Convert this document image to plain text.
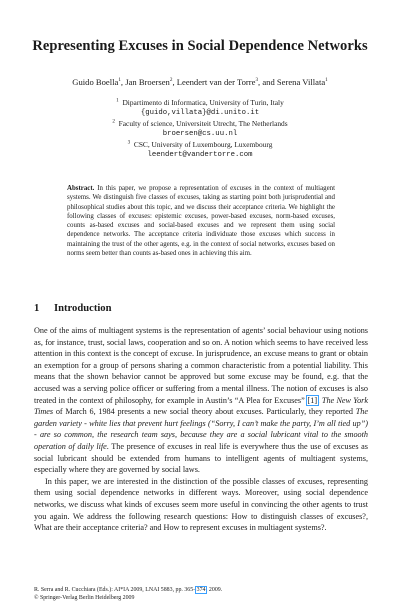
Representing Excuses in Social Dependence Networks
Guido Boella$^1$, Jan Broersen$^2$, Leendert van der Torre$^3$, and Serena Villata$^1$
$^1$ Dipartimento di Informatica, University of Turin, Italy
{guido,villata}@di.unito.it
$^2$ Faculty of science, Universiteit Utrecht, The Netherlands
broersen@cs.uu.nl
$^3$ CSC, University of Luxembourg, Luxembourg
leendert@vandertorre.com
Abstract. In this paper, we propose a representation of excuses in the context of multiagent systems. We distinguish five classes of excuses, taking as starting point both jurisprudential and philosophical studies about this topic, and we discuss their acceptance criteria. We highlight the following classes of excuses: epistemic excuses, power-based excuses, norm-based excuses, counts as-based excuses and social-based excuses and we represent them using social dependence networks. The acceptance criteria individuate those excuses which success in maintaining the trust of the other agents, e.g. in the context of social networks, excuses based on norms seem better than counts as-based ones in achieving this aim.
1 Introduction

One of the aims of multiagent systems is the representation of agents’ social behaviour using notions as, for instance, trust, social laws, cooperation and so on. A notion which seems to have received less attention in this context is the concept of excuse. In jurisprudence, an excuse means to grant or obtain an exemption for a group of persons sharing a common characteristic from a potential liability. This means that the shown behavior cannot be approved but some excuse may be found, e.g. that the accused was a serving police officer or suffering from a mental illness. The notion of excuses is also treated in the context of philosophy, for example in Austin’s “A Plea for Excuses” [1]. The New York Times of March 6, 1984 presents a new social theory about excuses. Particularly, they reported The garden variety - white lies that prevent hurt feelings (“Sorry, I can’t make the party, I’m all tied up”) - are so common, the research team says, because they are a social lubricant vital to the smooth operation of daily life. The presence of excuses in real life is everywhere thus the use of excuses as social lubricant should be extended from humans to intelligent agents of multiagent systems, especially where they are governed by social laws.

In this paper, we are interested in the distinction of the possible classes of excuses, representing them using social dependence networks in different ways. Moreover, using social dependence networks, we discuss what kinds of excuses seem more useful in convincing the other agents to trust you again. We address the following research questions: How to distinguish classes of excuses?, What are their acceptance criteria? and How to represent excuses in multiagent systems?.

R. Serra and R. Cucchiara (Eds.): AI*IA 2009, LNAI 5883, pp. 365–374, 2009.
© Springer-Verlag Berlin Heidelberg 2009
